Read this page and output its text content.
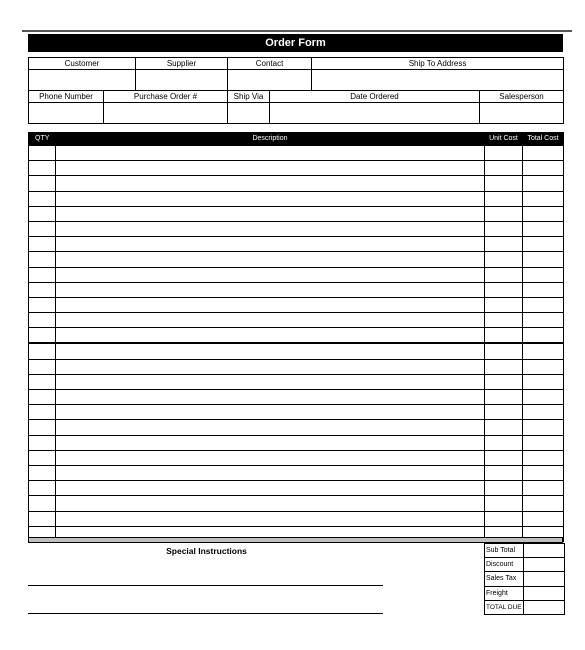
Order Form
Customer		Supplier	Contact		Ship To Address	

Phone Number	Purchase Order #		Ship Via	Date Ordered		Salesperson

QTY	Description	Unit Cost	Total Cost

Special Instructions	Sub Total	
Discount	
Sales Tax	
Freight	
TOTAL DUE	
